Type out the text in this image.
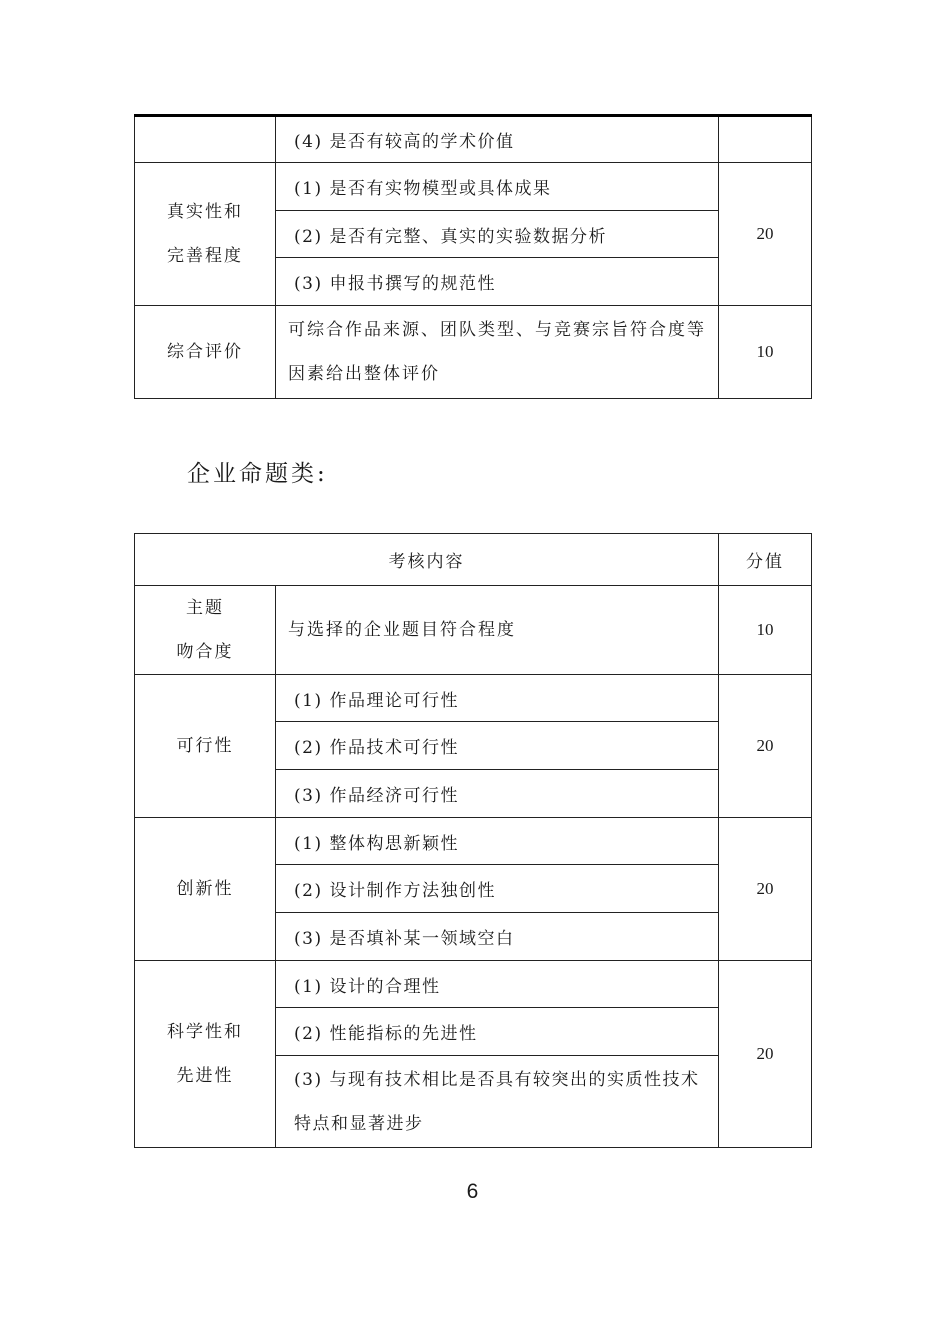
	(4) 是否有较高的学术价值	

真实性和
完善程度	(1) 是否有实物模型或具体成果	20
	(2) 是否有完整、真实的实验数据分析	
	(3) 申报书撰写的规范性	
综合评价	可综合作品来源、团队类型、与竞赛宗旨符合度等
因素给出整体评价	10
企业命题类:
考核内容		分值

主题
吻合度	与选择的企业题目符合程度	10
可行性	(1) 作品理论可行性	20
	(2) 作品技术可行性	
	(3) 作品经济可行性	
创新性	(1) 整体构思新颖性	20
	(2) 设计制作方法独创性	
	(3) 是否填补某一领域空白	

科学性和
先进性	(1) 设计的合理性	20
	(2) 性能指标的先进性	

	(3) 与现有技术相比是否具有较突出的实质性技术
特点和显著进步	
6
